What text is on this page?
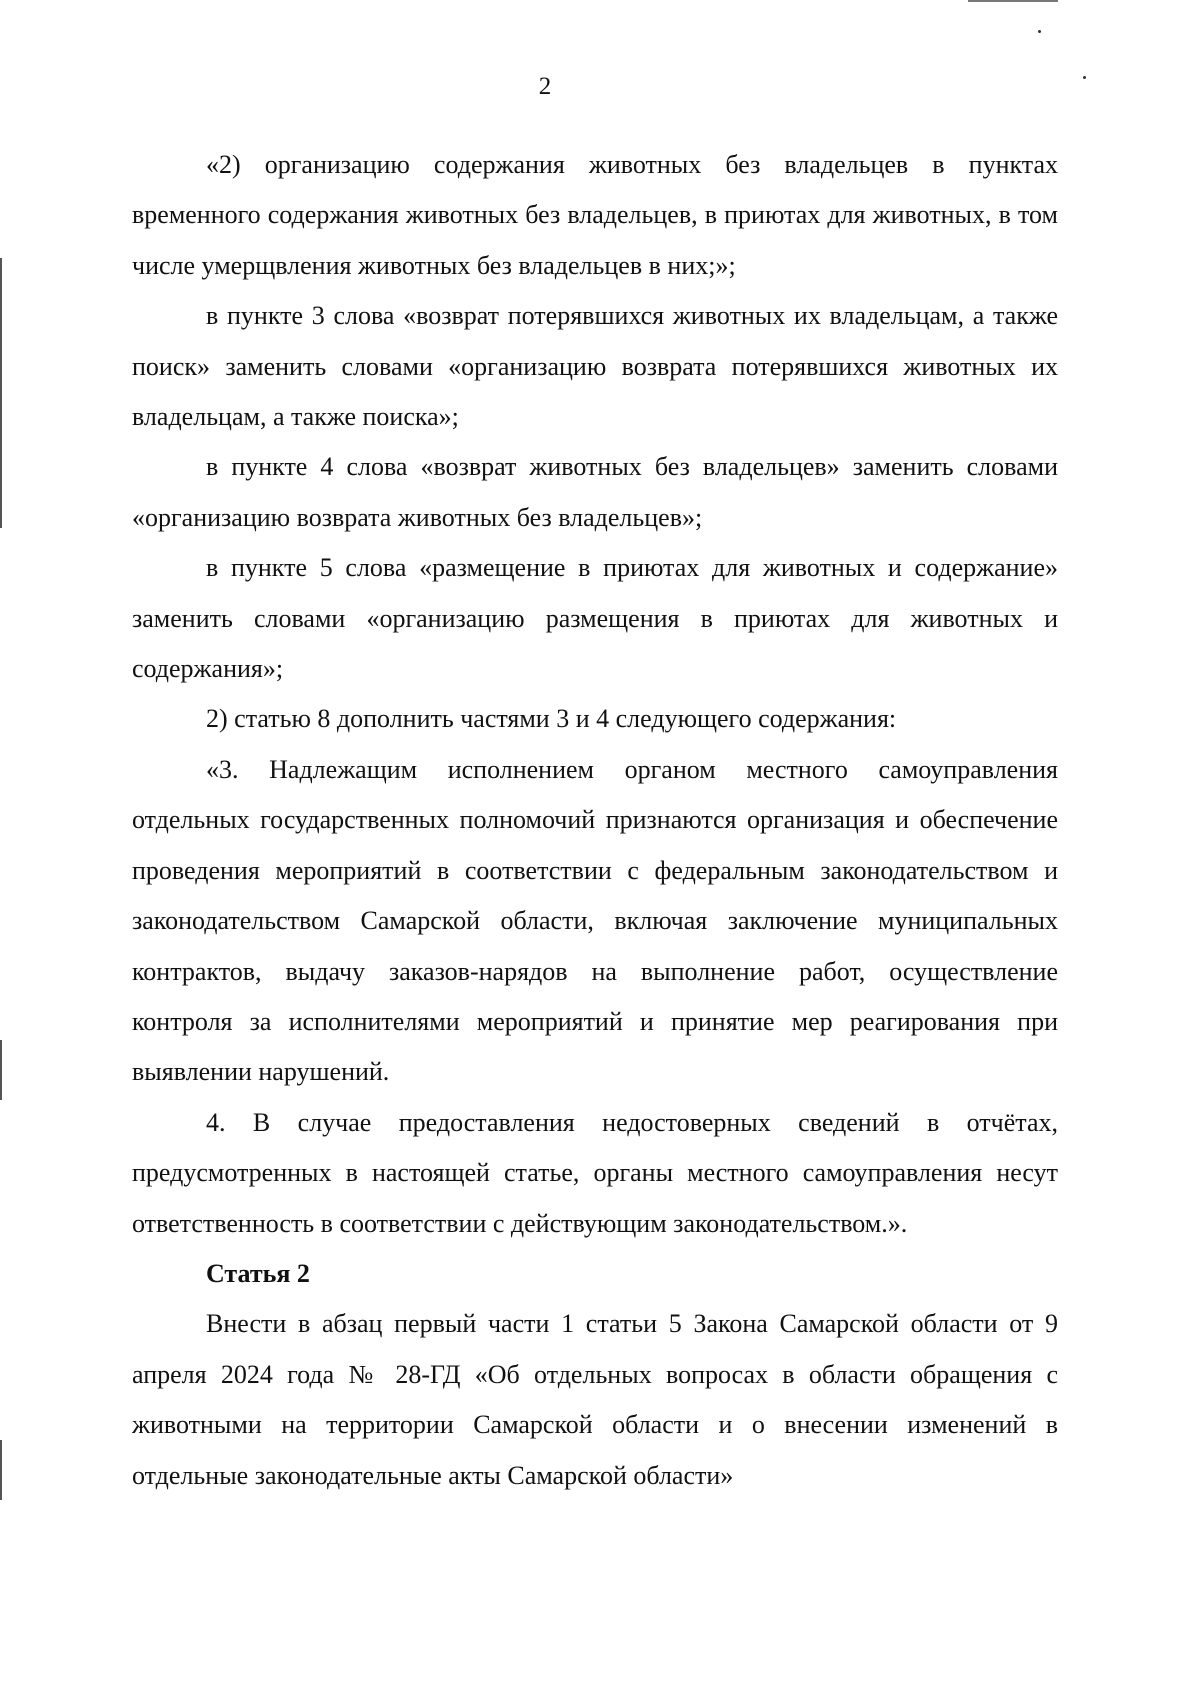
2

«2) организацию содержания животных без владельцев в пунктах временного содержания животных без владельцев, в приютах для животных, в том числе умерщвления животных без владельцев в них;»;

в пункте 3 слова «возврат потерявшихся животных их владельцам, а также поиск» заменить словами «организацию возврата потерявшихся животных их владельцам, а также поиска»;

в пункте 4 слова «возврат животных без владельцев» заменить словами «организацию возврата животных без владельцев»;

в пункте 5 слова «размещение в приютах для животных и содержание» заменить словами «организацию размещения в приютах для животных и содержания»;

2) статью 8 дополнить частями 3 и 4 следующего содержания:

«3. Надлежащим исполнением органом местного самоуправления отдельных государственных полномочий признаются организация и обеспечение проведения мероприятий в соответствии с федеральным законодательством и законодательством Самарской области, включая заключение муниципальных контрактов, выдачу заказов-нарядов на выполнение работ, осуществление контроля за исполнителями мероприятий и принятие мер реагирования при выявлении нарушений.

4. В случае предоставления недостоверных сведений в отчётах, предусмотренных в настоящей статье, органы местного самоуправления несут ответственность в соответствии с действующим законодательством.».

Статья 2

Внести в абзац первый части 1 статьи 5 Закона Самарской области от 9 апреля 2024 года № 28-ГД «Об отдельных вопросах в области обращения с животными на территории Самарской области и о внесении изменений в отдельные законодательные акты Самарской области»
